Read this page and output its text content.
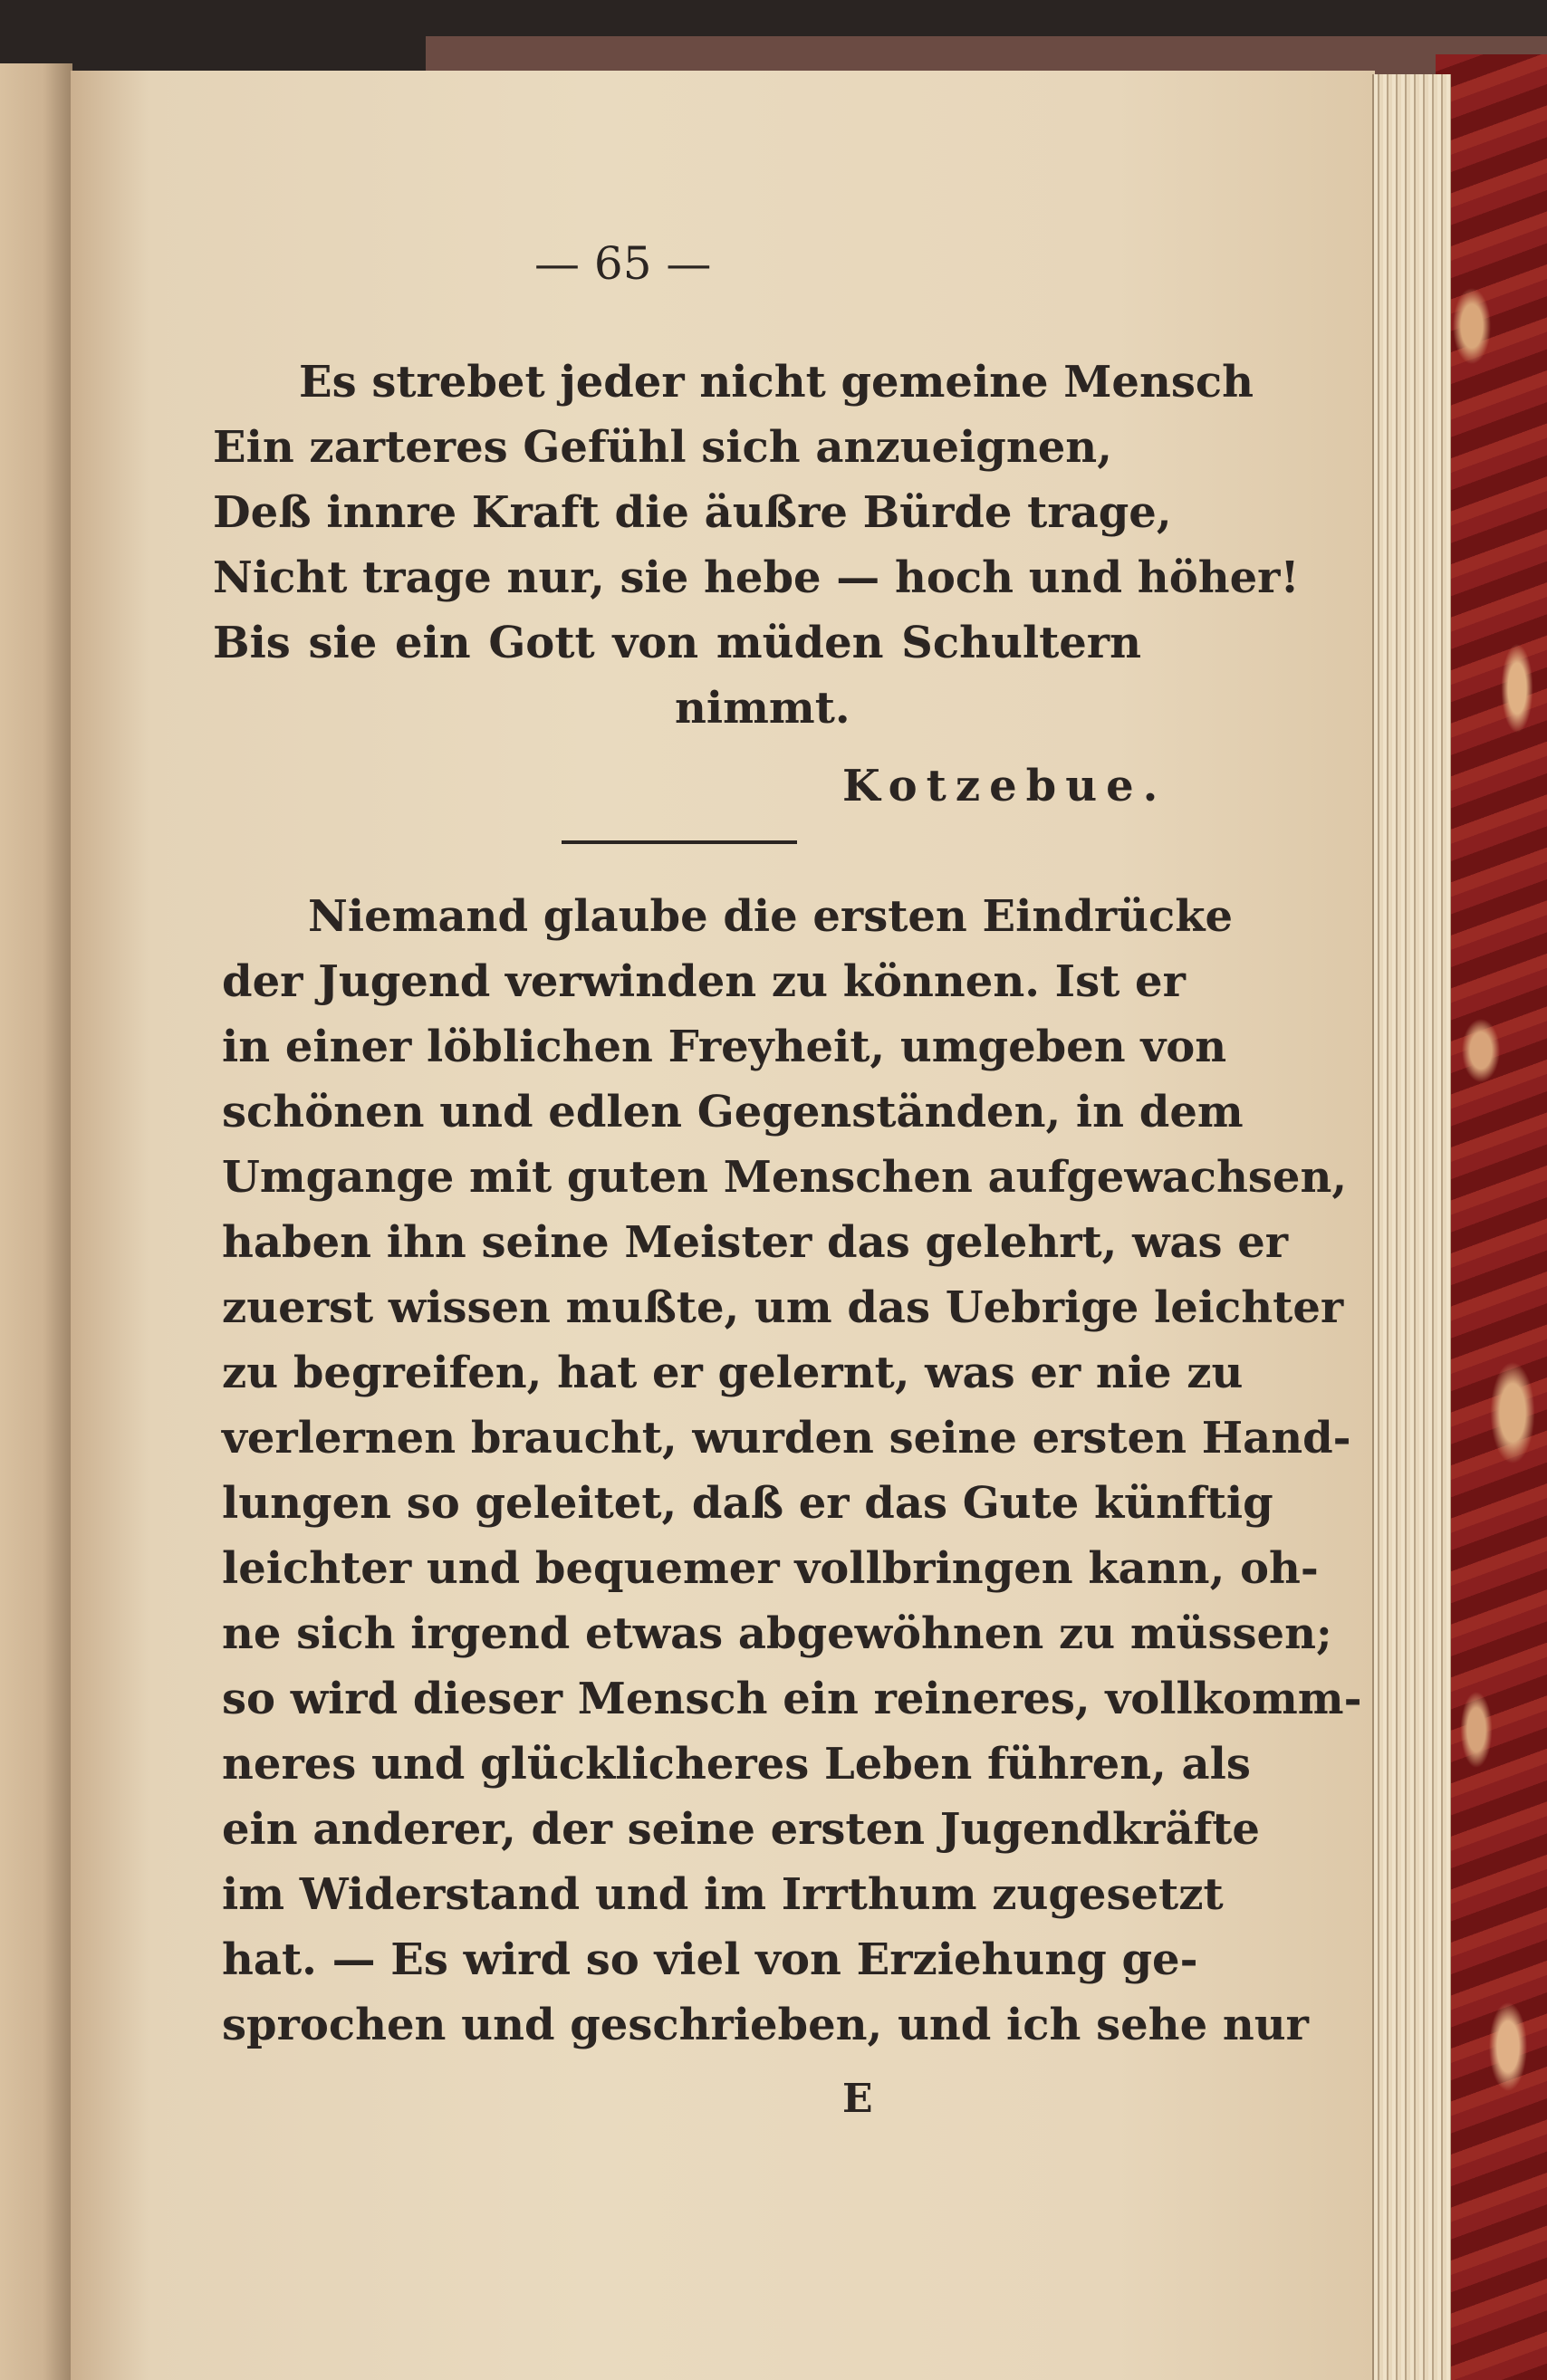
— 65 —
Es strebet jeder nicht gemeine Mensch
Ein zarteres Gefühl sich anzueignen,
Deß innre Kraft die äußre Bürde trage,
Nicht trage nur, sie hebe — hoch und höher!
Bis sie ein Gott von müden Schultern
nimmt.
Kotzebue.
Niemand glaube die ersten Eindrücke
der Jugend verwinden zu können. Ist er
in einer löblichen Freyheit, umgeben von
schönen und edlen Gegenständen, in dem
Umgange mit guten Menschen aufgewachsen,
haben ihn seine Meister das gelehrt, was er
zuerst wissen mußte, um das Uebrige leichter
zu begreifen, hat er gelernt, was er nie zu
verlernen braucht, wurden seine ersten Hand-
lungen so geleitet, daß er das Gute künftig
leichter und bequemer vollbringen kann, oh-
ne sich irgend etwas abgewöhnen zu müssen;
so wird dieser Mensch ein reineres, vollkomm-
neres und glücklicheres Leben führen, als
ein anderer, der seine ersten Jugendkräfte
im Widerstand und im Irrthum zugesetzt
hat. — Es wird so viel von Erziehung ge-
sprochen und geschrieben, und ich sehe nur
E
